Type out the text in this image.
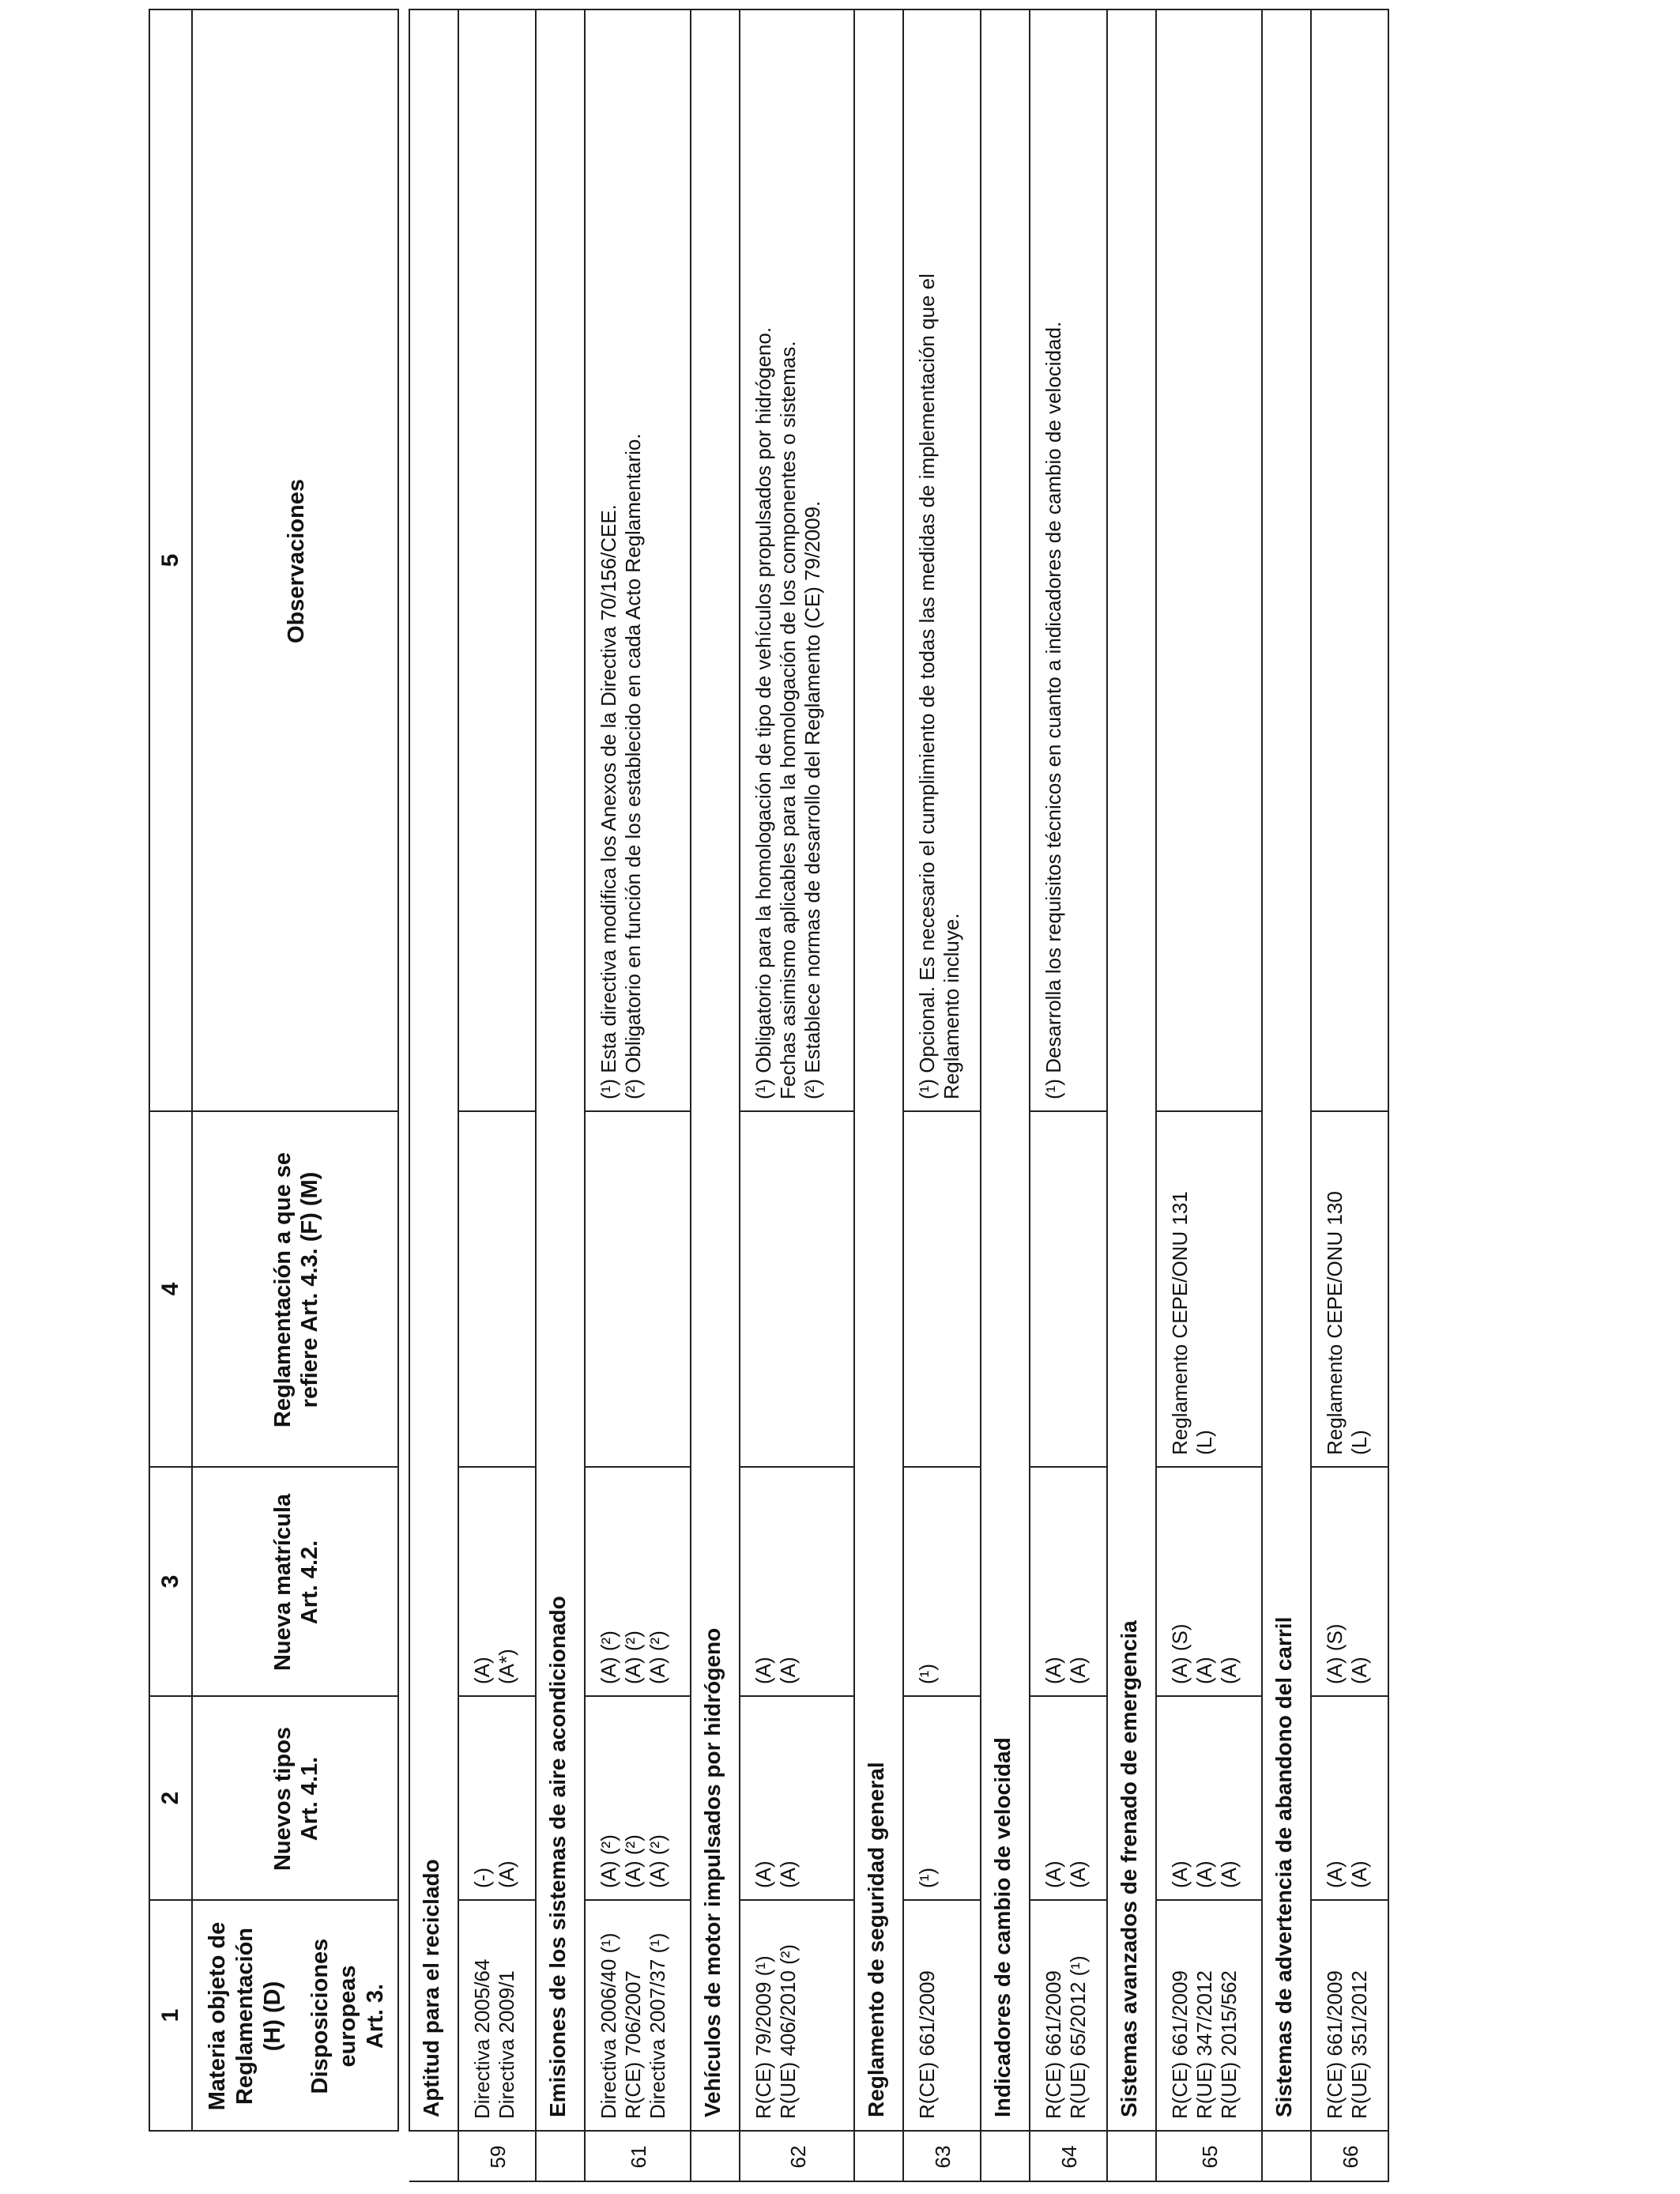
	1	2	3	4	5

	Materia objeto de Reglamentación (H) (D) Disposiciones europeas Art. 3.	Nuevos tipos Art. 4.1.	Nueva matrícula Art. 4.2.	Reglamentación a que se refiere Art. 4.3. (F) (M)	Observaciones

	Aptitud para el reciclado				
59	Directiva 2005/64 Directiva 2009/1	(-) (A)	(A) (A*)		

	Emisiones de los sistemas de aire acondicionado				
61	Directiva 2006/40 (¹) R(CE) 706/2007 Directiva 2007/37 (¹)	(A) (²) (A) (²) (A) (²)	(A) (²) (A) (²) (A) (²)		(¹) Esta directiva modifica los Anexos de la Directiva 70/156/CEE. (²) Obligatorio en función de los establecido en cada Acto Reglamentario.

	Vehículos de motor impulsados por hidrógeno				
62	R(CE) 79/2009 (¹) R(UE) 406/2010 (²)	(A) (A)	(A) (A)		(¹) Obligatorio para la homologación de tipo de vehículos propulsados por hidrógeno. Fechas asimismo aplicables para la homologación de los componentes o sistemas. (²) Establece normas de desarrollo del Reglamento (CE) 79/2009.

	Reglamento de seguridad general				
63	R(CE) 661/2009	(¹)	(¹)		(¹) Opcional. Es necesario el cumplimiento de todas las medidas de implementación que el Reglamento incluye.

	Indicadores de cambio de velocidad				
64	R(CE) 661/2009 R(UE) 65/2012 (¹)	(A) (A)	(A) (A)		(¹) Desarrolla los requisitos técnicos en cuanto a indicadores de cambio de velocidad.

	Sistemas avanzados de frenado de emergencia				
65	R(CE) 661/2009 R(UE) 347/2012 R(UE) 2015/562	(A) (A) (A)	(A) (S) (A) (A)	Reglamento CEPE/ONU 131 (L)	

	Sistemas de advertencia de abandono del carril				
66	R(CE) 661/2009 R(UE) 351/2012	(A) (A)	(A) (S) (A)	Reglamento CEPE/ONU 130 (L)	
